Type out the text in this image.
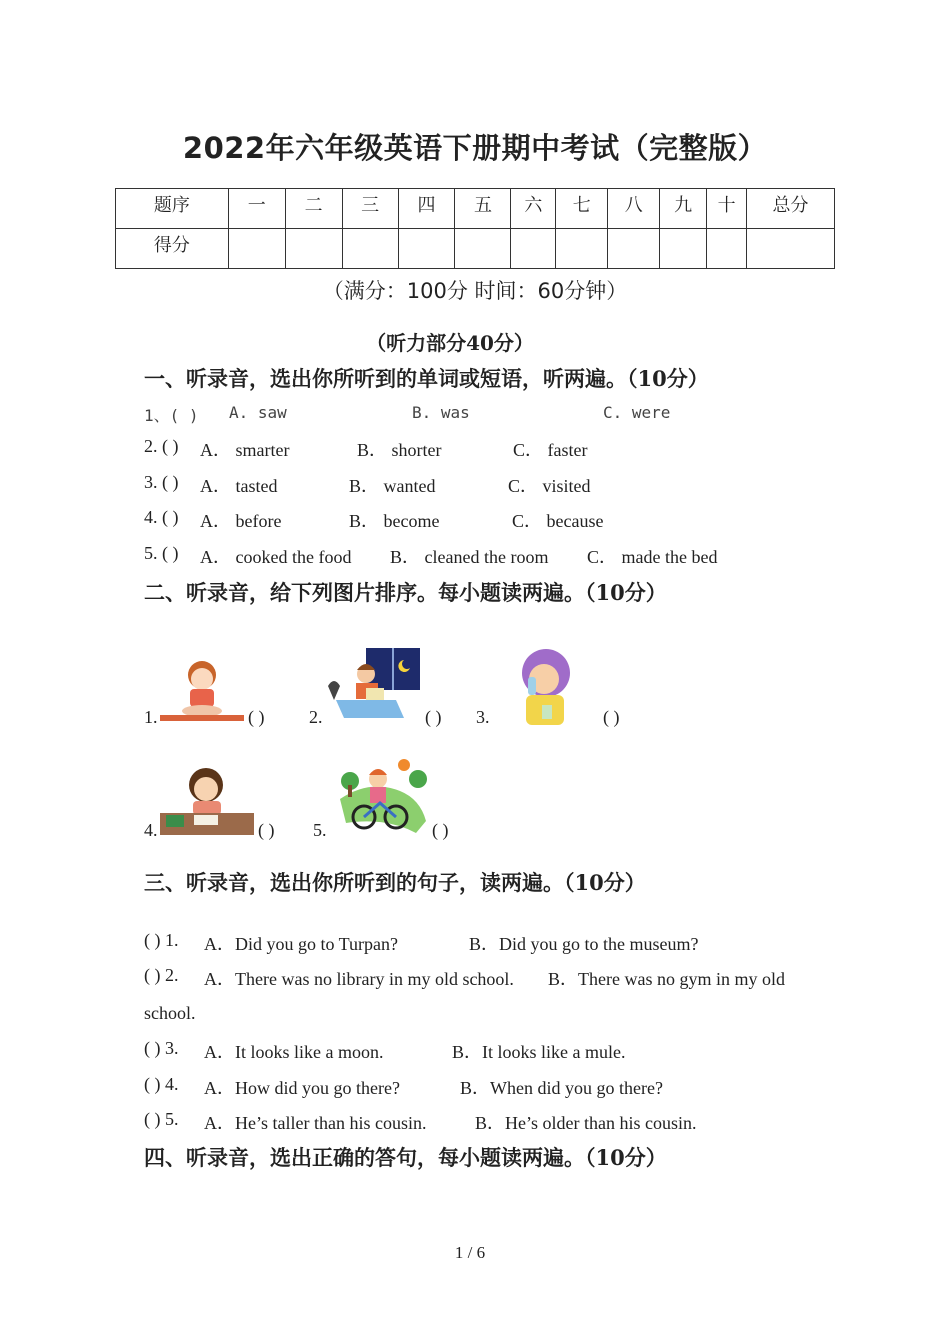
2022年六年级英语下册期中考试（完整版）
题序	一	二	三	四	五	六	七	八	九	十	总分
得分											
（满分：100分 时间：60分钟）
（听力部分40分）
一、听录音，选出你所听到的单词或短语，听两遍。（10分）
1、( ) A. saw	B. was	C. were
2. ( ) A． smarter	B． shorter	C． faster
3. ( ) A． tasted	B． wanted	C． visited
4. ( ) A． before	B． become	C． because
5. ( ) A． cooked the food B． cleaned the room C． made the bed
二、听录音，给下列图片排序。每小题读两遍。（10分）
1.	( ) 2.	( ) 3.	( )
4.	( ) 5.	( )
三、听录音，选出你所听到的句子，读两遍。（10分）
( ) 1. A．Did you go to Turpan?	B．Did you go to the museum?
( ) 2. A．There was no library in my old school. B．There was no gym in my old
school.
( ) 3. A．It looks like a moon.	B．It looks like a mule.
( ) 4. A．How did you go there?	B．When did you go there?
( ) 5. A．He’s taller than his cousin.	B．He’s older than his cousin.
四、听录音，选出正确的答句，每小题读两遍。（10分）
1 / 6
